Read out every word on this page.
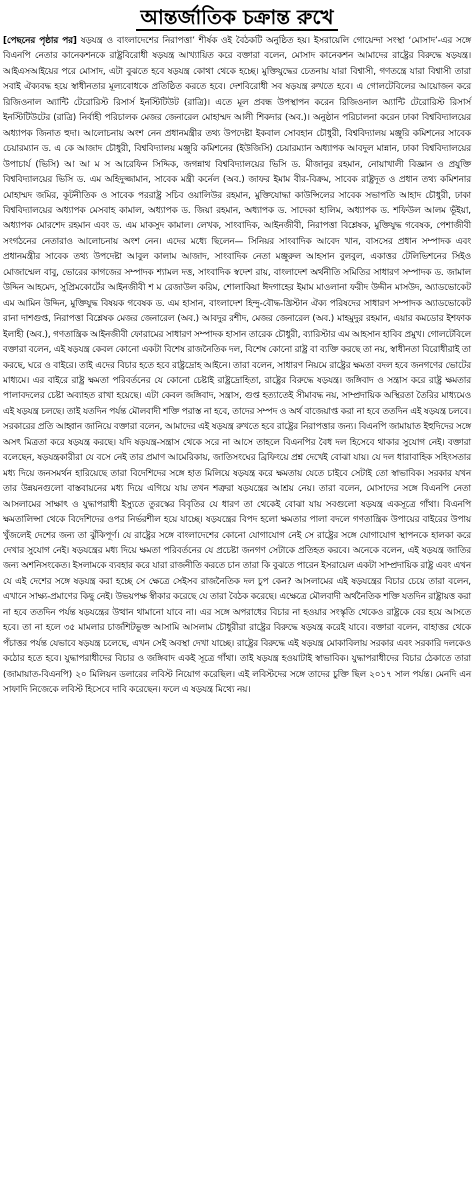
আন্তর্জাতিক চক্রান্ত রুখে

[পেছনের পৃষ্ঠার পর] ষড়যন্ত্র ও বাংলাদেশের নিরাপত্তা’ শীর্ষক ওই বৈঠকটি অনুষ্ঠিত হয়। ইসরায়েলি গোয়েন্দা সংস্থা ‘মোসাদ’-এর সঙ্গে বিএনপি নেতার কানেকশনকে রাষ্ট্রবিরোধী ষড়যন্ত্র আখ্যায়িত করে বক্তারা বলেন, মোসাদ কানেকশন আমাদের রাষ্ট্রের বিরুদ্ধে ষড়যন্ত্র। আইএসআইয়ের পরে মোসাদ, এটা বুঝতে হবে ষড়যন্ত্র কোথা থেকে হচ্ছে। মুক্তিযুদ্ধের চেতনায় যারা বিশ্বাসী, গণতন্ত্রে যারা বিশ্বাসী তারা সবাই ঐক্যবদ্ধ হয়ে স্বাধীনতার মূল্যবোধকে প্রতিষ্ঠিত করতে হবে। দেশবিরোধী সব ষড়যন্ত্র রুখতে হবে। এ গোলটেবিলের আয়োজন করে রিজিওনাল অ্যান্টি টেরোরিস্ট রিসার্স ইনস্টিটিউট (রাত্রি)। এতে মূল প্রবন্ধ উপস্থাপন করেন রিজিওনাল অ্যান্টি টেরোরিস্ট রিসার্স ইনস্টিটিউটের (রাত্রি) নির্বাহী পরিচালক মেজর জেনারেল মোহাম্মদ আলী শিকদার (অব.)। অনুষ্ঠান পরিচালনা করেন ঢাকা বিশ্ববিদ্যালয়ের অধ্যাপক জিনাত হুদা। আলোচনায় অংশ নেন প্রধানমন্ত্রীর তথ্য উপদেষ্টা ইকবাল সোবহান চৌধুরী, বিশ্ববিদ্যালয় মঞ্জুরি কমিশনের সাবেক চেয়ারম্যান ড. এ কে আজাদ চৌধুরী, বিশ্ববিদ্যালয় মঞ্জুরি কমিশনের (ইউজিসি) চেয়ারম্যান অধ্যাপক আবদুল মান্নান, ঢাকা বিশ্ববিদ্যালয়ের উপাচার্য (ভিসি) আ আ ম স আরেফিন সিদ্দিক, জগন্নাথ বিশ্ববিদ্যালয়ের ভিসি ড. মীজানুর রহমান, নোয়াখালী বিজ্ঞান ও প্রযুক্তি বিশ্ববিদ্যালয়ের ভিসি ড. এম অহিদুজ্জামান, সাবেক মন্ত্রী কর্নেল (অব.) জাফর ইমাম বীর-বিক্রম, সাবেক রাষ্ট্রদূত ও প্রধান তথ্য কমিশনার মোহাম্মদ জমির, কূটনীতিক ও সাবেক পররাষ্ট্র সচিব ওয়ালিউর রহমান, মুক্তিযোদ্ধা কাউন্সিলের সাবেক সভাপতি আহাদ চৌধুরী, ঢাকা বিশ্ববিদ্যালয়ের অধ্যাপক মেসবাহ কামাল, অধ্যাপক ড. জিয়া রহমান, অধ্যাপক ড. সাদেকা হালিম, অধ্যাপক ড. শফিউল আলম ভূঁইয়া, অধ্যাপক মোরশেদ রহমান এবং ড. এম মাকসুদ কামাল। লেখক, সাংবাদিক, আইনজীবী, নিরাপত্তা বিশ্লেষক, মুক্তিযুদ্ধ গবেষক, পেশাজীবী সংগঠনের নেতারাও আলোচনায় অংশ নেন। এদের মধ্যে ছিলেন— সিনিয়র সাংবাদিক আবেদ খান, বাসসের প্রধান সম্পাদক এবং প্রধানমন্ত্রীর সাবেক তথ্য উপদেষ্টা আবুল কালাম আজাদ, সাংবাদিক নেতা মঞ্জুরুল আহসান বুলবুল, একাত্তর টেলিভিশনের সিইও মোজাম্মেল বাবু, ভোরের কাগজের সম্পাদক শ্যামল দত্ত, সাংবাদিক স্বদেশ রায়, বাংলাদেশ অর্থনীতি সমিতির সাধারণ সম্পাদক ড. জামাল উদ্দিন আহমেদ, সুপ্রিমকোর্টের আইনজীবী শ ম রেজাউল করিম, শোলাকিয়া ঈদগাহের ইমাম মাওলানা ফরীদ উদ্দীন মাসউদ, অ্যাডভোকেট এম আমিন উদ্দিন, মুক্তিযুদ্ধ বিষয়ক গবেষক ড. এম হাসান, বাংলাদেশ হিন্দু-বৌদ্ধ-খ্রিস্টান ঐক্য পরিষদের সাধারণ সম্পাদক অ্যাডভোকেট রানা দাশগুপ্ত, নিরাপত্তা বিশ্লেষক মেজর জেনারেল (অব.) আবদুর রশীদ, মেজর জেনারেল (অব.) মাহমুদুর রহমান, এয়ার কমডোর ইশফাক ইলাহী (অব.), গণতান্ত্রিক আইনজীবী ফোরামের সাধারণ সম্পাদক হাসান তারেক চৌধুরী, ব্যারিস্টার এম আহসান হাবিব প্রমুখ। গোলটেবিলে বক্তারা বলেন, এই ষড়যন্ত্র কেবল কোনো একটা বিশেষ রাজনৈতিক দল, বিশেষ কোনো রাষ্ট্র বা ব্যক্তি করছে তা নয়, স্বাধীনতা বিরোধীরাই তা করছে, ঘরে ও বাইরে। তাই এদের বিচার হতে হবে রাষ্ট্রদ্রোহ আইনে। তারা বলেন, সাধারণ নিয়মে রাষ্ট্রের ক্ষমতা বদল হবে জনগণের ভোটের মাধ্যমে। এর বাইরে রাষ্ট্র ক্ষমতা পরিবর্তনের যে কোনো চেষ্টাই রাষ্ট্রদ্রোহিতা, রাষ্ট্রের বিরুদ্ধে ষড়যন্ত্র। জঙ্গিবাদ ও সন্ত্রাস করে রাষ্ট্র ক্ষমতার পালাবদলের চেষ্টা অব্যাহত রাখা হয়েছে। এটা কেবল জঙ্গিবাদ, সন্ত্রাস, গুপ্ত হত্যাতেই সীমাবদ্ধ নয়, সাম্প্রদায়িক অস্থিরতা তৈরির মাধ্যমেও এই ষড়যন্ত্র চলছে। তাই যতদিন পর্যন্ত মৌলবাদী শক্তি পরাস্ত না হবে, তাদের সম্পদ ও অর্থ বাজেয়াপ্ত করা না হবে ততদিন এই ষড়যন্ত্র চলবে। সরকারের প্রতি আহ্বান জানিয়ে বক্তারা বলেন, আমাদের এই ষড়যন্ত্র রুখতে হবে রাষ্ট্রের নিরাপত্তার জন্য। বিএনপি জামায়াত ইহুদিদের সঙ্গে অসৎ মিত্রতা করে ষড়যন্ত্র করছে। যদি ষড়যন্ত্র-সন্ত্রাস থেকে সরে না আসে তাহলে বিএনপির বৈধ দল হিসেবে থাকার সুযোগ নেই। বক্তারা বলেছেন, ষড়যন্ত্রকারীরা যে বসে নেই তার প্রমাণ আমেরিকায়, জাতিসংঘের ব্রিফিংয়ে প্রশ্ন দেখেই বোঝা যায়। যে দল ধারাবাহিক সহিংসতার মধ্য দিয়ে জনসমর্থন হারিয়েছে তারা বিদেশিদের সঙ্গে হাত মিলিয়ে ষড়যন্ত্র করে ক্ষমতায় যেতে চাইবে সেটাই তো স্বাভাবিক। সরকার যখন তার উন্নয়নগুলো বাস্তবায়নের মধ্য দিয়ে এগিয়ে যায় তখন শত্রুরা ষড়যন্ত্রের আশ্রয় নেয়। তারা বলেন, মোসাদের সঙ্গে বিএনপি নেতা আসলামের সাক্ষাৎ ও যুদ্ধাপরাধী ইস্যুতে তুরস্কের বিবৃতির যে ধারণ তা থেকেই বোঝা যায় সবগুলো ষড়যন্ত্র একসূত্রে গাঁথা। বিএনপি ক্ষমতালিপ্সা থেকে বিদেশিদের ওপর নির্ভরশীল হয়ে যাচ্ছে। ষড়যন্ত্রের বিপদ হলো ক্ষমতার পালা বদলে গণতান্ত্রিক উপায়ের বাইরের উপায় খুঁজলেই দেশের জন্য তা ঝুঁকিপূর্ণ। যে রাষ্ট্রের সঙ্গে বাংলাদেশের কোনো যোগাযোগ নেই সে রাষ্ট্রের সঙ্গে যোগাযোগ স্থাপনকে হালকা করে দেখার সুযোগ নেই। ষড়যন্ত্রের মধ্য দিয়ে ক্ষমতা পরিবর্তনের যে প্রচেষ্টা জনগণ সেটাকে প্রতিহত করবে। অনেকে বলেন, এই ষড়যন্ত্র জাতির জন্য অশনিসংকেত। ইসলামকে ব্যবহার করে যারা রাজনীতি করতে চান তারা কি বুঝতে পারেন ইসরায়েল একটা সাম্প্রদায়িক রাষ্ট্র এবং এখন যে এই দেশের সঙ্গে ষড়যন্ত্র করা হচ্ছে সে ক্ষেত্রে সেইসব রাজনৈতিক দল চুপ কেন? আসলামের এই ষড়যন্ত্রের বিচার চেয়ে তারা বলেন, এখানে সাক্ষ্য-প্রমাণের কিছু নেই। উভয়পক্ষ স্বীকার করেছে যে তারা বৈঠক করেছে। এক্ষেত্রে মৌলবাদী অর্থনৈতিক শক্তি যতদিন রাষ্ট্রায়ত্ত করা না হবে ততদিন পর্যন্ত ষড়যন্ত্রের উত্থান থামানো যাবে না। এর সঙ্গে অপরাধের বিচার না হওয়ার সংস্কৃতি থেকেও রাষ্ট্রকে বের হয়ে আসতে হবে। তা না হলে ৩৫ মামলার চার্জশিটভুক্ত আসামি আসলাম চৌধুরীরা রাষ্ট্রের বিরুদ্ধে ষড়যন্ত্র করেই যাবে। বক্তারা বলেন, বাহাত্তর থেকে পঁচাত্তর পর্যন্ত যেভাবে ষড়যন্ত্র চলেছে, এখন সেই অবস্থা দেখা যাচ্ছে। রাষ্ট্রের বিরুদ্ধে এই ষড়যন্ত্র মোকাবিলায় সরকার এবং সরকারি দলকেও কঠোর হতে হবে। যুদ্ধাপরাধীদের বিচার ও জঙ্গিবাদ একই সূত্রে গাঁথা। তাই ষড়যন্ত্র হওয়াটাই স্বাভাবিক। যুদ্ধাপরাধীদের বিচার ঠেকাতে তারা (জামায়াত-বিএনপি) ২০ মিলিয়ন ডলারের লবিস্ট নিয়োগ করেছিল। এই লবিস্টদের সঙ্গে তাদের চুক্তি ছিল ২০১৭ সাল পর্যন্ত। মেনদি এন সাফাদি নিজেকে লবিস্ট হিসেবে দাবি করেছেন। ফলে এ ষড়যন্ত্র মিথ্যে নয়।
